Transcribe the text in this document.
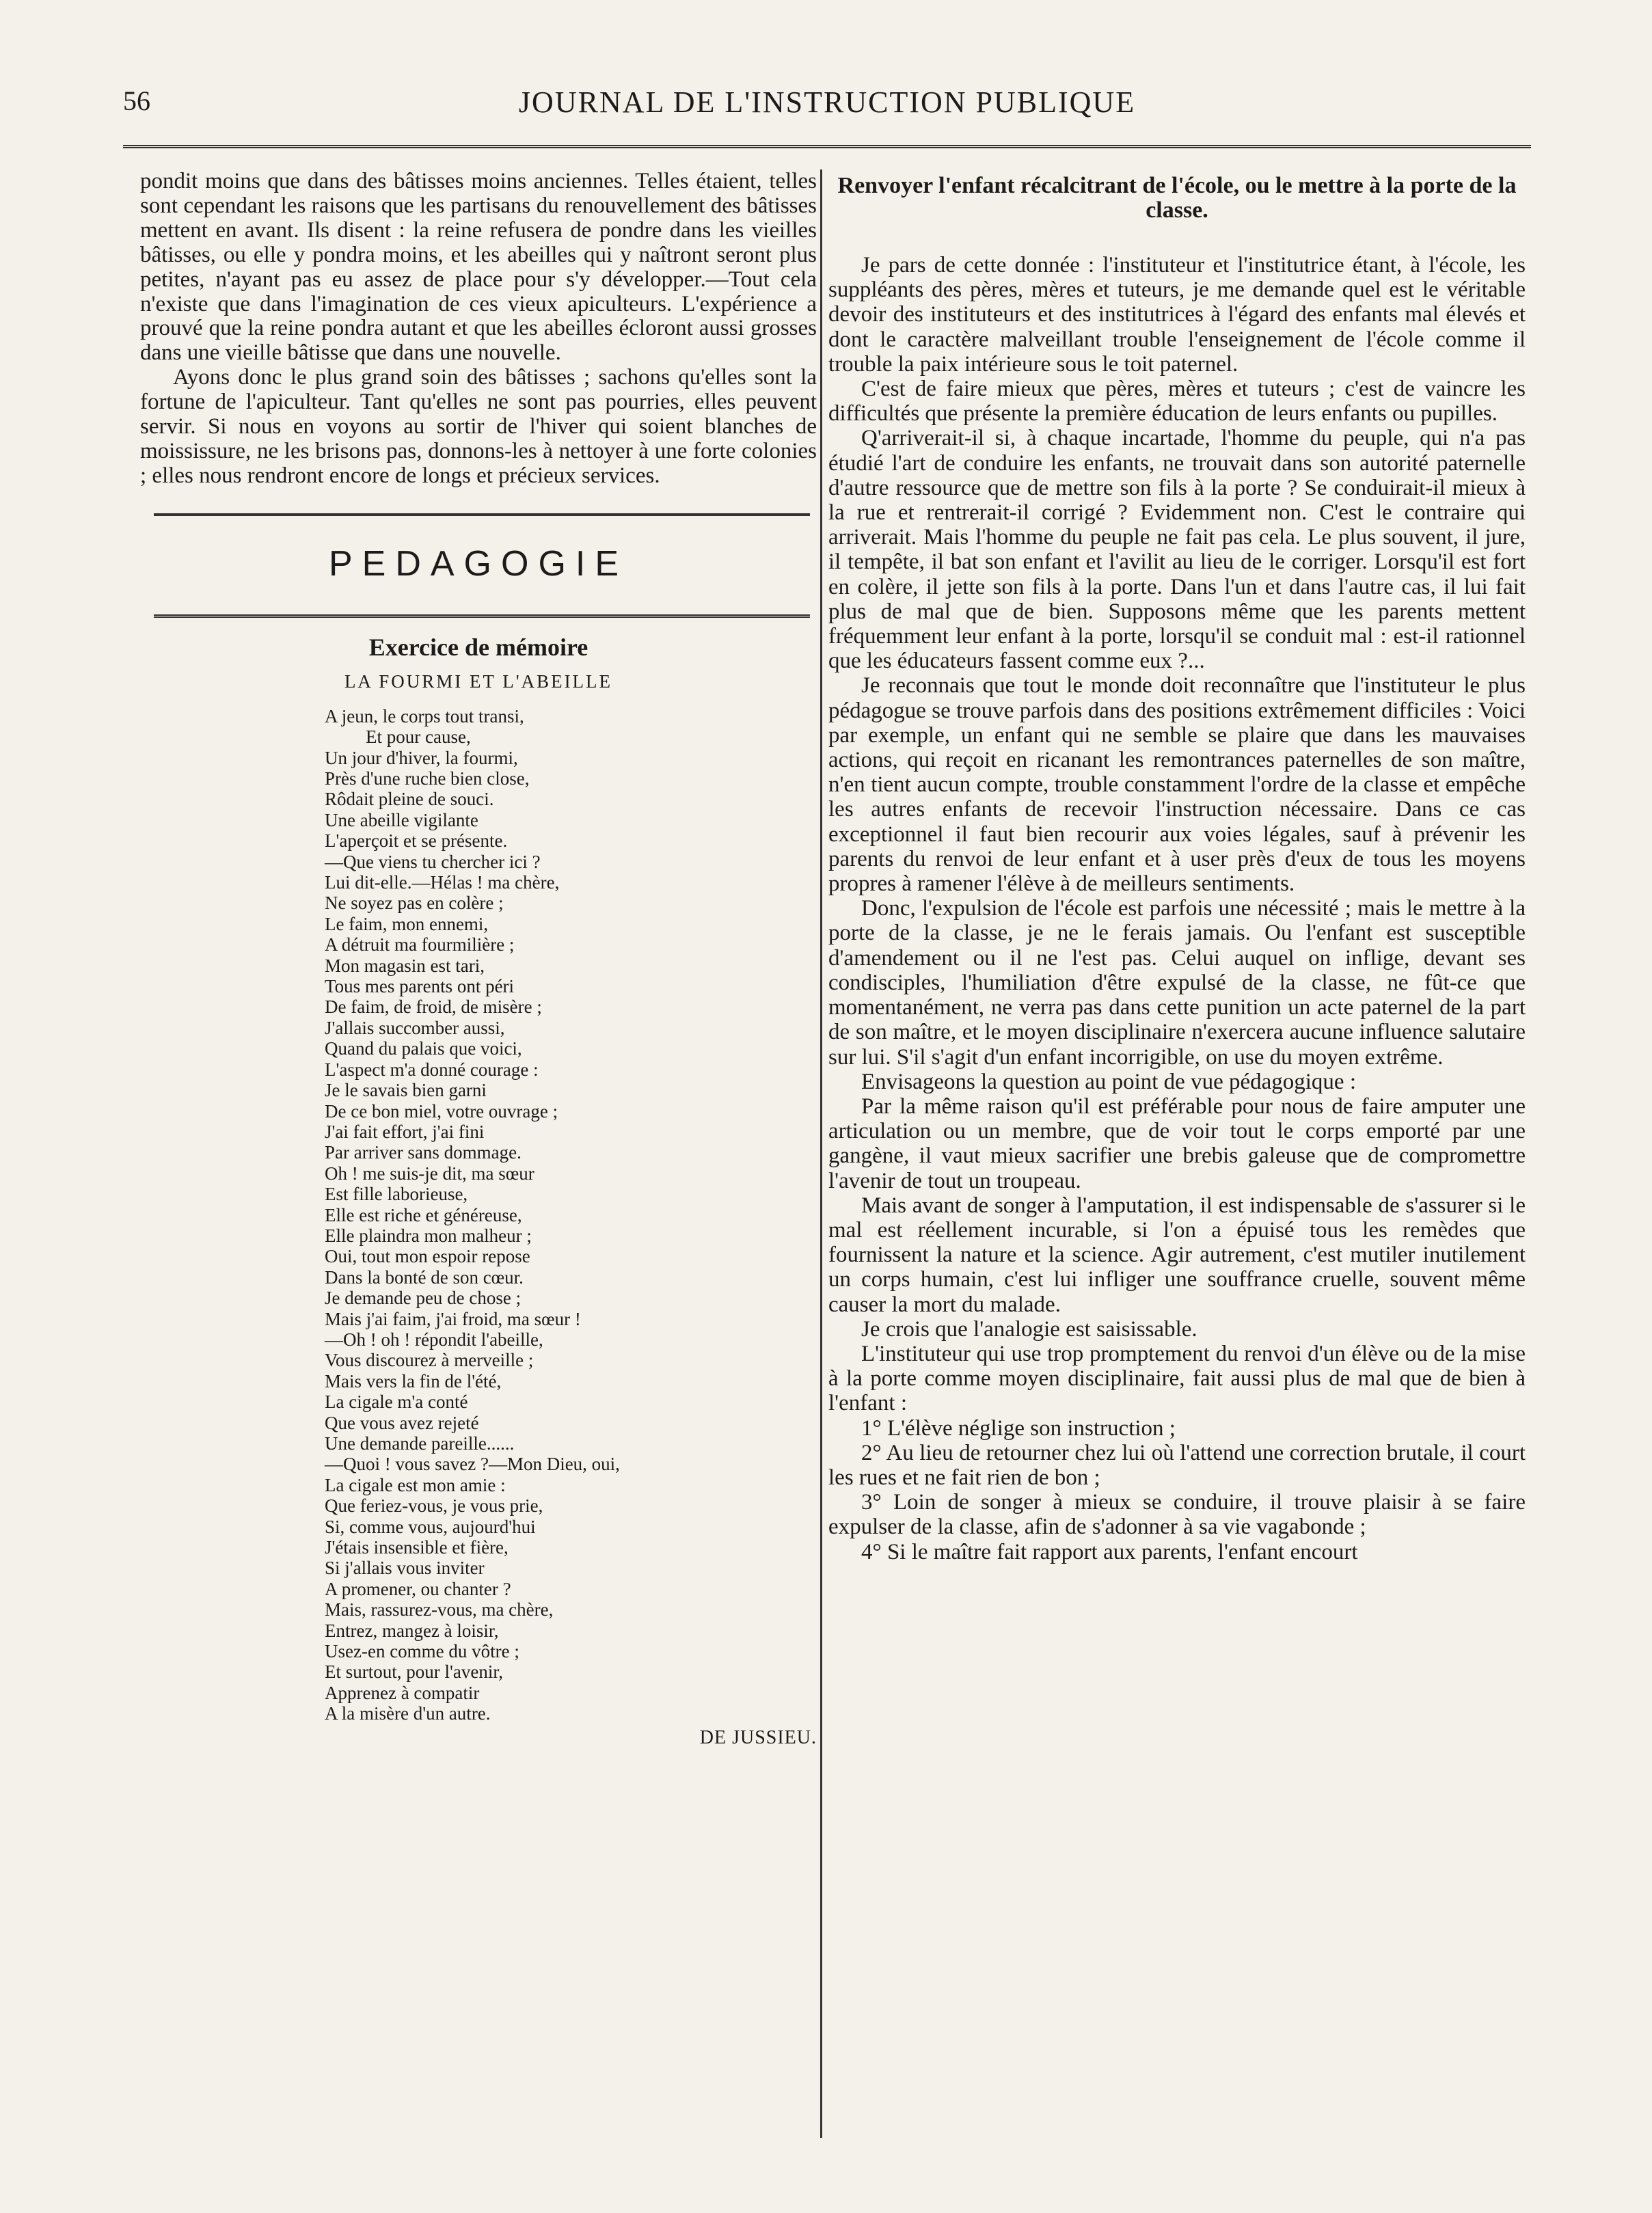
56	JOURNAL DE L'INSTRUCTION PUBLIQUE

pondit moins que dans des bâtisses moins anciennes. Telles étaient, telles sont cependant les raisons que les partisans du renouvellement des bâtisses mettent en avant. Ils disent : la reine refusera de pondre dans les vieilles bâtisses, ou elle y pondra moins, et les abeilles qui y naîtront seront plus petites, n'ayant pas eu assez de place pour s'y développer.—Tout cela n'existe que dans l'imagination de ces vieux apiculteurs. L'expérience a prouvé que la reine pondra autant et que les abeilles écloront aussi grosses dans une vieille bâtisse que dans une nouvelle.

Ayons donc le plus grand soin des bâtisses ; sachons qu'elles sont la fortune de l'apiculteur. Tant qu'elles ne sont pas pourries, elles peuvent servir. Si nous en voyons au sortir de l'hiver qui soient blanches de moississure, ne les brisons pas, donnons-les à nettoyer à une forte colonies ; elles nous rendront encore de longs et précieux services.

PEDAGOGIE
Exercice de mémoire
LA FOURMI ET L'ABEILLE
A jeun, le corps tout transi,
Et pour cause,
Un jour d'hiver, la fourmi,
Près d'une ruche bien close,
Rôdait pleine de souci.
Une abeille vigilante
L'aperçoit et se présente.
—Que viens tu chercher ici ?
Lui dit-elle.—Hélas ! ma chère,
Ne soyez pas en colère ;
Le faim, mon ennemi,
A détruit ma fourmilière ;
Mon magasin est tari,
Tous mes parents ont péri
De faim, de froid, de misère ;
J'allais succomber aussi,
Quand du palais que voici,
L'aspect m'a donné courage :
Je le savais bien garni
De ce bon miel, votre ouvrage ;
J'ai fait effort, j'ai fini
Par arriver sans dommage.
Oh ! me suis-je dit, ma sœur
Est fille laborieuse,
Elle est riche et généreuse,
Elle plaindra mon malheur ;
Oui, tout mon espoir repose
Dans la bonté de son cœur.
Je demande peu de chose ;
Mais j'ai faim, j'ai froid, ma sœur !
—Oh ! oh ! répondit l'abeille,
Vous discourez à merveille ;
Mais vers la fin de l'été,
La cigale m'a conté
Que vous avez rejeté
Une demande pareille......
—Quoi ! vous savez ?—Mon Dieu, oui,
La cigale est mon amie :
Que feriez-vous, je vous prie,
Si, comme vous, aujourd'hui
J'étais insensible et fière,
Si j'allais vous inviter
A promener, ou chanter ?
Mais, rassurez-vous, ma chère,
Entrez, mangez à loisir,
Usez-en comme du vôtre ;
Et surtout, pour l'avenir,
Apprenez à compatir
A la misère d'un autre.
DE JUSSIEU.
Renvoyer l'enfant récalcitrant de l'école, ou le mettre à la porte de la classe.

Je pars de cette donnée : l'instituteur et l'institutrice étant, à l'école, les suppléants des pères, mères et tuteurs, je me demande quel est le véritable devoir des instituteurs et des institutrices à l'égard des enfants mal élevés et dont le caractère malveillant trouble l'enseignement de l'école comme il trouble la paix intérieure sous le toit paternel.

C'est de faire mieux que pères, mères et tuteurs ; c'est de vaincre les difficultés que présente la première éducation de leurs enfants ou pupilles.

Q'arriverait-il si, à chaque incartade, l'homme du peuple, qui n'a pas étudié l'art de conduire les enfants, ne trouvait dans son autorité paternelle d'autre ressource que de mettre son fils à la porte ? Se conduirait-il mieux à la rue et rentrerait-il corrigé ? Evidemment non. C'est le contraire qui arriverait. Mais l'homme du peuple ne fait pas cela. Le plus souvent, il jure, il tempête, il bat son enfant et l'avilit au lieu de le corriger. Lorsqu'il est fort en colère, il jette son fils à la porte. Dans l'un et dans l'autre cas, il lui fait plus de mal que de bien. Supposons même que les parents mettent fréquemment leur enfant à la porte, lorsqu'il se conduit mal : est-il rationnel que les éducateurs fassent comme eux ?...

Je reconnais que tout le monde doit reconnaître que l'instituteur le plus pédagogue se trouve parfois dans des positions extrêmement difficiles : Voici par exemple, un enfant qui ne semble se plaire que dans les mauvaises actions, qui reçoit en ricanant les remontrances paternelles de son maître, n'en tient aucun compte, trouble constamment l'ordre de la classe et empêche les autres enfants de recevoir l'instruction nécessaire. Dans ce cas exceptionnel il faut bien recourir aux voies légales, sauf à prévenir les parents du renvoi de leur enfant et à user près d'eux de tous les moyens propres à ramener l'élève à de meilleurs sentiments.

Donc, l'expulsion de l'école est parfois une nécessité ; mais le mettre à la porte de la classe, je ne le ferais jamais. Ou l'enfant est susceptible d'amendement ou il ne l'est pas. Celui auquel on inflige, devant ses condisciples, l'humiliation d'être expulsé de la classe, ne fût-ce que momentanément, ne verra pas dans cette punition un acte paternel de la part de son maître, et le moyen disciplinaire n'exercera aucune influence salutaire sur lui. S'il s'agit d'un enfant incorrigible, on use du moyen extrême.

Envisageons la question au point de vue pédagogique :

Par la même raison qu'il est préférable pour nous de faire amputer une articulation ou un membre, que de voir tout le corps emporté par une gangène, il vaut mieux sacrifier une brebis galeuse que de compromettre l'avenir de tout un troupeau.

Mais avant de songer à l'amputation, il est indispensable de s'assurer si le mal est réellement incurable, si l'on a épuisé tous les remèdes que fournissent la nature et la science. Agir autrement, c'est mutiler inutilement un corps humain, c'est lui infliger une souffrance cruelle, souvent même causer la mort du malade.

Je crois que l'analogie est saisissable.

L'instituteur qui use trop promptement du renvoi d'un élève ou de la mise à la porte comme moyen disciplinaire, fait aussi plus de mal que de bien à l'enfant :

1° L'élève néglige son instruction ;

2° Au lieu de retourner chez lui où l'attend une correction brutale, il court les rues et ne fait rien de bon ;

3° Loin de songer à mieux se conduire, il trouve plaisir à se faire expulser de la classe, afin de s'adonner à sa vie vagabonde ;

4° Si le maître fait rapport aux parents, l'enfant encourt
